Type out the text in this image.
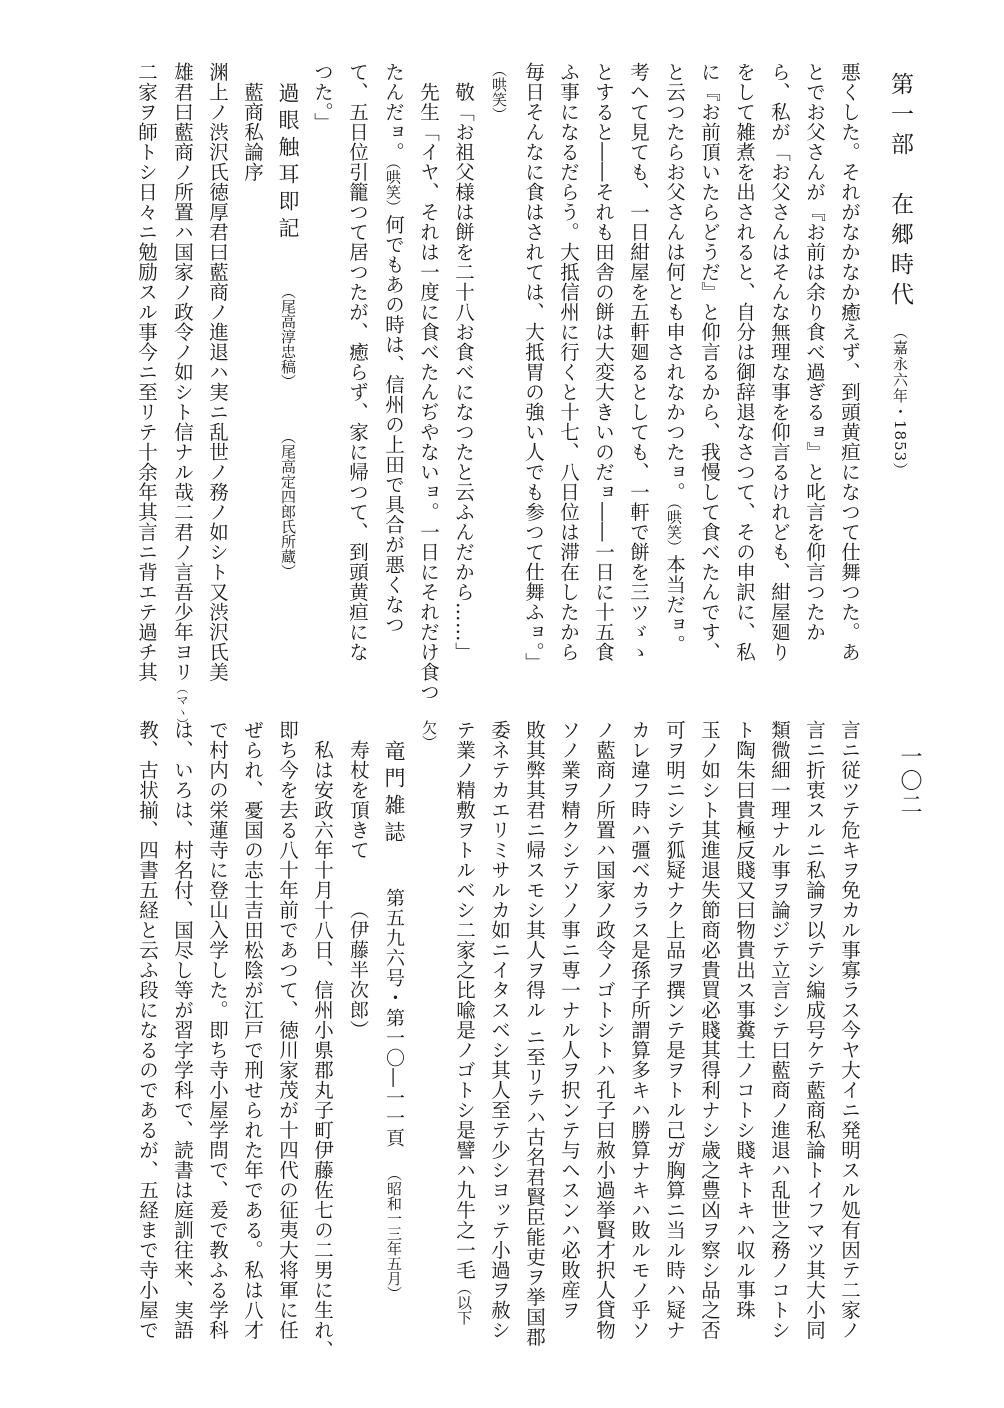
第一部　在郷時代（嘉永六年・1853）
一〇二
悪くした。それがなかなか癒えず、到頭黄疸になつて仕舞つた。あ
とでお父さんが『お前は余り食べ過ぎるョ』と叱言を仰言つたか
ら、私が「お父さんはそんな無理な事を仰言るけれども、紺屋廻り
をして雑煮を出されると、自分は御辞退なさつて、その申訳に、私
に『お前頂いたらどうだ』と仰言るから、我慢して食べたんです、
と云つたらお父さんは何とも申されなかつたョ。（哄笑）本当だョ。
考へて見ても、一日紺屋を五軒廻るとしても、一軒で餅を三ツゞゝ
とすると――それも田舎の餅は大変大きいのだョ――一日に十五食
ふ事になるだらう。大抵信州に行くと十七、八日位は滞在したから
毎日そんなに食はされては、大抵胃の強い人でも参つて仕舞ふョ。」
（哄笑）
敬「お祖父様は餅を二十八お食べになつたと云ふんだから……」
先生「イヤ、それは一度に食べたんぢやないョ。一日にそれだけ食つ
たんだョ。（哄笑）何でもあの時は、信州の上田で具合が悪くなつ
て、五日位引籠つて居つたが、癒らず、家に帰つて、到頭黄疸にな
つた。」
過眼触耳即記（尾高淳忠稿）（尾高定四郎氏所蔵）
藍商私論序
渊上ノ渋沢氏徳厚君曰藍商ノ進退ハ実ニ乱世ノ務ノ如シト又渋沢氏美
雄君曰藍商ノ所置ハ国家ノ政令ノ如シト信ナル哉二君ノ言吾少年ヨリ（マヽ）
二家ヲ師トシ日々ニ勉励スル事今ニ至リテ十余年其言ニ背エテ過チ其
言ニ従ツテ危キヲ免カル事寡ラス今ヤ大イニ発明スル処有因テ二家ノ
言ニ折衷スルニ私論ヲ以テシ編成号ケテ藍商私論トイフマツ其大小同
類微細一理ナル事ヲ論ジテ立言シテ曰藍商ノ進退ハ乱世之務ノコトシ
ト陶朱曰貴極反賤又曰物貴出ス事糞土ノコトシ賤キトキハ収ル事珠
玉ノ如シト其進退失節商必貴買必賤其得利ナシ歳之豊凶ヲ察シ品之否
可ヲ明ニシテ狐疑ナク上品ヲ撰ンテ是ヲトル己ガ胸算ニ当ル時ハ疑ナ
カレ違フ時ハ彊ベカラス是孫子所謂算多キハ勝算ナキハ敗ルモノ乎ソ
ノ藍商ノ所置ハ国家ノ政令ノゴトシトハ孔子曰赦小過挙賢才択人貸物
ソノ業ヲ精クシテソノ事ニ専一ナル人ヲ択ンテ与ヘスンハ必敗産ヲ
敗其弊其君ニ帰スモシ其人ヲ得ル ニ至リテハ古名君賢臣能吏ヲ挙国郡
委ネテカエリミサルカ如ニイタスベシ其人至テ少シヨッテ小過ヲ赦シ
テ業ノ精敷ヲトルベシ二家之比喩是ノゴトシ是譬ハ九牛之一毛（以下
欠）
竜門雑誌第五九六号・第一〇―一一頁（昭和一三年五月）
寿杖を頂きて（伊藤半次郎）
私は安政六年十月十八日、信州小県郡丸子町伊藤佐七の二男に生れ、
即ち今を去る八十年前であつて、徳川家茂が十四代の征夷大将軍に任
ぜられ、憂国の志士吉田松陰が江戸で刑せられた年である。私は八才
で村内の栄蓮寺に登山入学した。即ち寺小屋学問で、爰で教ふる学科
は、いろは、村名付、国尽し等が習字学科で、読書は庭訓往来、実語
教、古状揃、四書五経と云ふ段になるのであるが、五経まで寺小屋で
